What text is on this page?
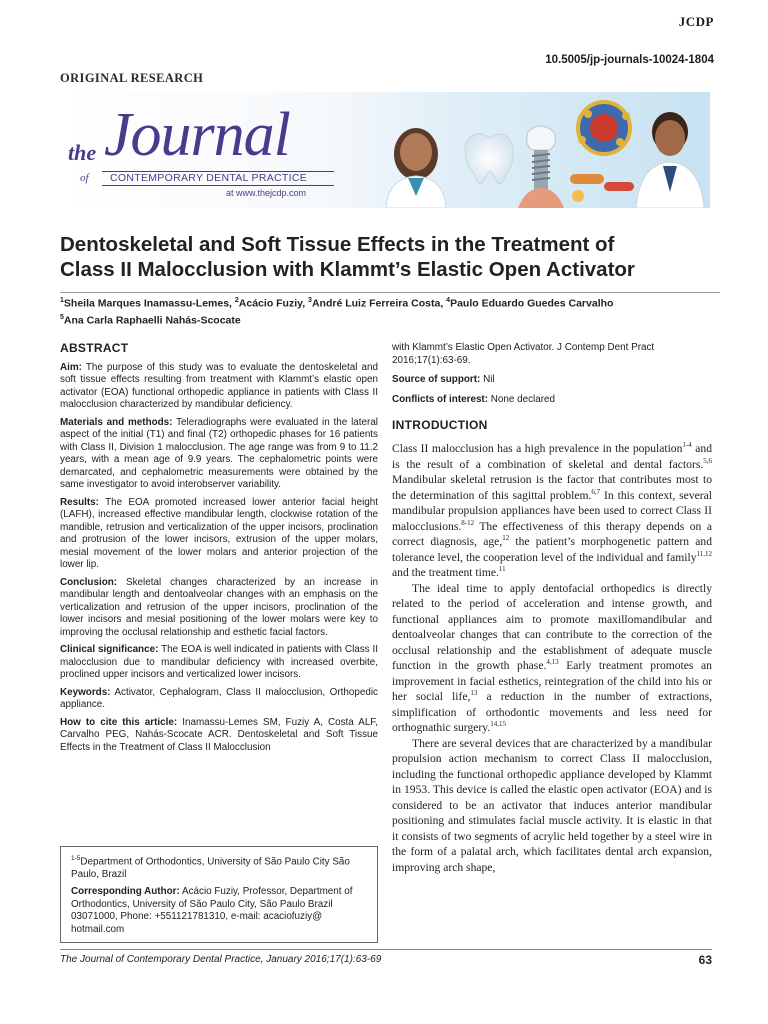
JCDP
10.5005/jp-journals-10024-1804
ORIGINAL RESEARCH
the Journal
of CONTEMPORARY DENTAL PRACTICE
at www.thejcdp.com
Dentoskeletal and Soft Tissue Effects in the Treatment of
Class II Malocclusion with Klammt’s Elastic Open Activator
$^1$Sheila Marques Inamassu-Lemes, $^2$Acácio Fuziy, $^3$André Luiz Ferreira Costa, $^4$Paulo Eduardo Guedes Carvalho
$^5$Ana Carla Raphaelli Nahás-Scocate
ABSTRACT

Aim: The purpose of this study was to evaluate the dentoskeletal and soft tissue effects resulting from treatment with Klammt’s elastic open activator (EOA) functional orthopedic appliance in patients with Class II malocclusion characterized by mandibular deficiency.

Materials and methods: Teleradiographs were evaluated in the lateral aspect of the initial (T1) and final (T2) orthopedic phases for 16 patients with Class II, Division 1 malocclusion. The age range was from 9 to 11.2 years, with a mean age of 9.9 years. The cephalometric points were demarcated, and cephalometric measurements were obtained by the same investigator to avoid interobserver variability.

Results: The EOA promoted increased lower anterior facial height (LAFH), increased effective mandibular length, clockwise rotation of the mandible, retrusion and verticalization of the upper incisors, proclination and protrusion of the lower incisors, extrusion of the upper molars, mesial movement of the lower molars and anterior projection of the lower lip.

Conclusion: Skeletal changes characterized by an increase in mandibular length and dentoalveolar changes with an emphasis on the verticalization and retrusion of the upper incisors, proclination of the lower incisors and mesial positioning of the lower molars were key to improving the occlusal relationship and esthetic facial factors.

Clinical significance: The EOA is well indicated in patients with Class II malocclusion due to mandibular deficiency with increased overbite, proclined upper incisors and verticalized lower incisors.

Keywords: Activator, Cephalogram, Class II malocclusion, Orthopedic appliance.

How to cite this article: Inamassu-Lemes SM, Fuziy A, Costa ALF, Carvalho PEG, Nahás-Scocate ACR. Dentoskeletal and Soft Tissue Effects in the Treatment of Class II Malocclusion

$^{1-5}$Department of Orthodontics, University of São Paulo City São Paulo, Brazil

Corresponding Author: Acácio Fuziy, Professor, Department of Orthodontics, University of São Paulo City, São Paulo Brazil 03071000, Phone: +551121781310, e-mail: acaciofuziy@ hotmail.com

with Klammt’s Elastic Open Activator. J Contemp Dent Pract 2016;17(1):63-69.
Source of support: Nil
Conflicts of interest: None declared
INTRODUCTION

Class II malocclusion has a high prevalence in the population$^{1-4}$ and is the result of a combination of skeletal and dental factors.$^{5,6}$ Mandibular skeletal retrusion is the factor that contributes most to the determination of this sagittal problem.$^{6,7}$ In this context, several mandibular propulsion appliances have been used to correct Class II malocclusions.$^{8-12}$ The effectiveness of this therapy depends on a correct diagnosis, age,$^{12}$ the patient’s morphogenetic pattern and tolerance level, the cooperation level of the individual and family$^{11,12}$ and the treatment time.$^{11}$

The ideal time to apply dentofacial orthopedics is directly related to the period of acceleration and intense growth, and functional appliances aim to promote maxillomandibular and dentoalveolar changes that can contribute to the correction of the occlusal relationship and the establishment of adequate muscle function in the growth phase.$^{4,13}$ Early treatment promotes an improvement in facial esthetics, reintegration of the child into his or her social life,$^{13}$ a reduction in the number of extractions, simplification of orthodontic movements and less need for orthognathic surgery.$^{14,15}$

There are several devices that are characterized by a mandibular propulsion action mechanism to correct Class II malocclusion, including the functional orthopedic appliance developed by Klammt in 1953. This device is called the elastic open activator (EOA) and is considered to be an activator that induces anterior mandibular positioning and stimulates facial muscle activity. It is elastic in that it consists of two segments of acrylic held together by a steel wire in the form of a palatal arch, which facilitates dental arch expansion, improving arch shape,

The Journal of Contemporary Dental Practice, January 2016;17(1):63-69	63
